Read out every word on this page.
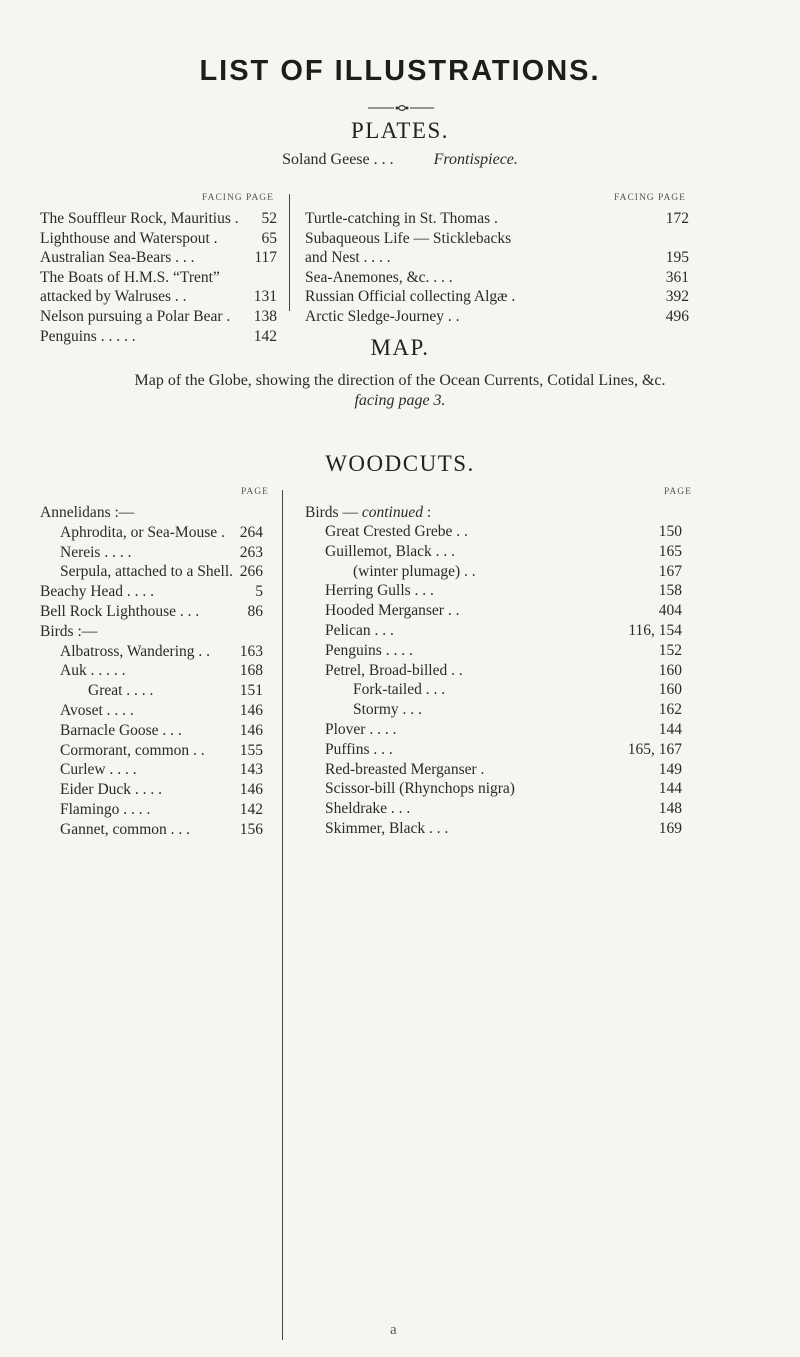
LIST OF ILLUSTRATIONS.
PLATES.
Soland Geese . . .	Frontispiece.
FACING PAGE	FACING PAGE
The Souffleur Rock, Mauritius .	52
Lighthouse and Waterspout .	65
Australian Sea-Bears . . .	117
The Boats of H.M.S. “Trent”
attacked by Walruses . .	131
Nelson pursuing a Polar Bear .	138
Penguins . . . . .	142
Turtle-catching in St. Thomas .	172
Subaqueous Life — Sticklebacks
and Nest . . . .	195
Sea-Anemones, &c. . . .	361
Russian Official collecting Algæ .	392
Arctic Sledge-Journey . .	496
MAP.
Map of the Globe, showing the direction of the Ocean Currents, Cotidal Lines, &c.
facing page 3.
WOODCUTS.
PAGE	PAGE
Birds — continued :
Annelidans :—
Aphrodita, or Sea-Mouse . 264
Nereis . . . .	263
Serpula, attached to a Shell. 266
Beachy Head . . . .	5
Bell Rock Lighthouse . . .	86
Birds :—
Albatross, Wandering . .	163
Auk . . . . .	168
Great . . . .	151
Avoset . . . .	146
Barnacle Goose . . .	146
Cormorant, common . .	155
Curlew . . . .	143
Eider Duck . . . .	146
Flamingo . . . .	142
Gannet, common . . .	156
Great Crested Grebe . .	150
Guillemot, Black . . .	165
(winter plumage) . .	167
Herring Gulls . . .	158
Hooded Merganser . .	404
Pelican . . .	116, 154
Penguins . . . .	152
Petrel, Broad-billed . .	160
Fork-tailed . . .	160
Stormy . . .	162
Plover . . . .	144
Puffins . . .	165, 167
Red-breasted Merganser .	149
Scissor-bill (Rhynchops nigra)	144
Sheldrake . . .	148
Skimmer, Black . . .	169
a
